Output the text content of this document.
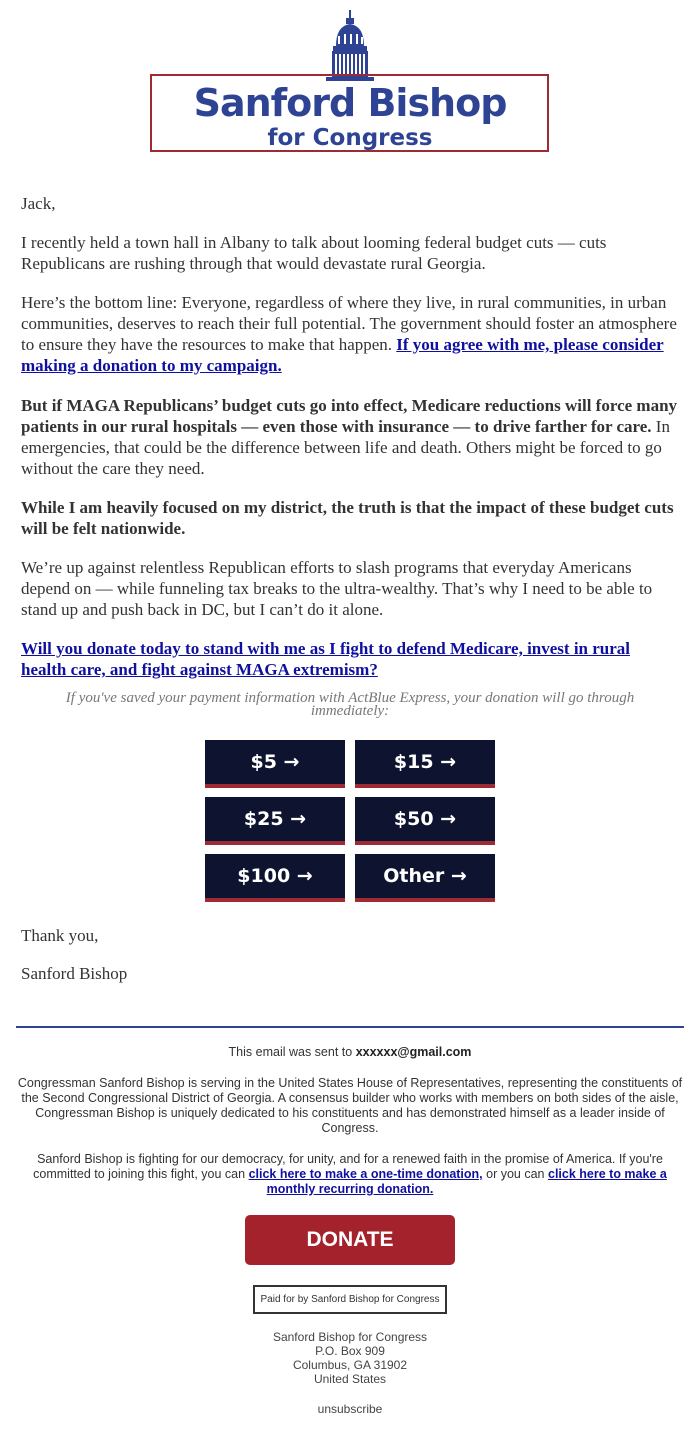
Sanford Bishop
for Congress
Jack,
I recently held a town hall in Albany to talk about looming federal budget cuts — cuts Republicans are rushing through that would devastate rural Georgia.
Here’s the bottom line: Everyone, regardless of where they live, in rural communities, in urban communities, deserves to reach their full potential. The government should foster an atmosphere to ensure they have the resources to make that happen. If you agree with me, please consider making a donation to my campaign.
But if MAGA Republicans’ budget cuts go into effect, Medicare reductions will force many patients in our rural hospitals — even those with insurance — to drive farther for care. In emergencies, that could be the difference between life and death. Others might be forced to go without the care they need.
While I am heavily focused on my district, the truth is that the impact of these budget cuts will be felt nationwide.
We’re up against relentless Republican efforts to slash programs that everyday Americans depend on — while funneling tax breaks to the ultra-wealthy. That’s why I need to be able to stand up and push back in DC, but I can’t do it alone.
Will you donate today to stand with me as I fight to defend Medicare, invest in rural health care, and fight against MAGA extremism?
If you've saved your payment information with ActBlue Express, your donation will go through immediately:
$5 →	$15 →
$25 →	$50 →
$100 →	Other →
Thank you,
Sanford Bishop
This email was sent to xxxxxx@gmail.com
Congressman Sanford Bishop is serving in the United States House of Representatives, representing the constituents of the Second Congressional District of Georgia. A consensus builder who works with members on both sides of the aisle, Congressman Bishop is uniquely dedicated to his constituents and has demonstrated himself as a leader inside of Congress.
Sanford Bishop is fighting for our democracy, for unity, and for a renewed faith in the promise of America. If you're committed to joining this fight, you can click here to make a one-time donation, or you can click here to make a monthly recurring donation.
DONATE
Paid for by Sanford Bishop for Congress
Sanford Bishop for Congress
P.O. Box 909
Columbus, GA 31902
United States
unsubscribe
